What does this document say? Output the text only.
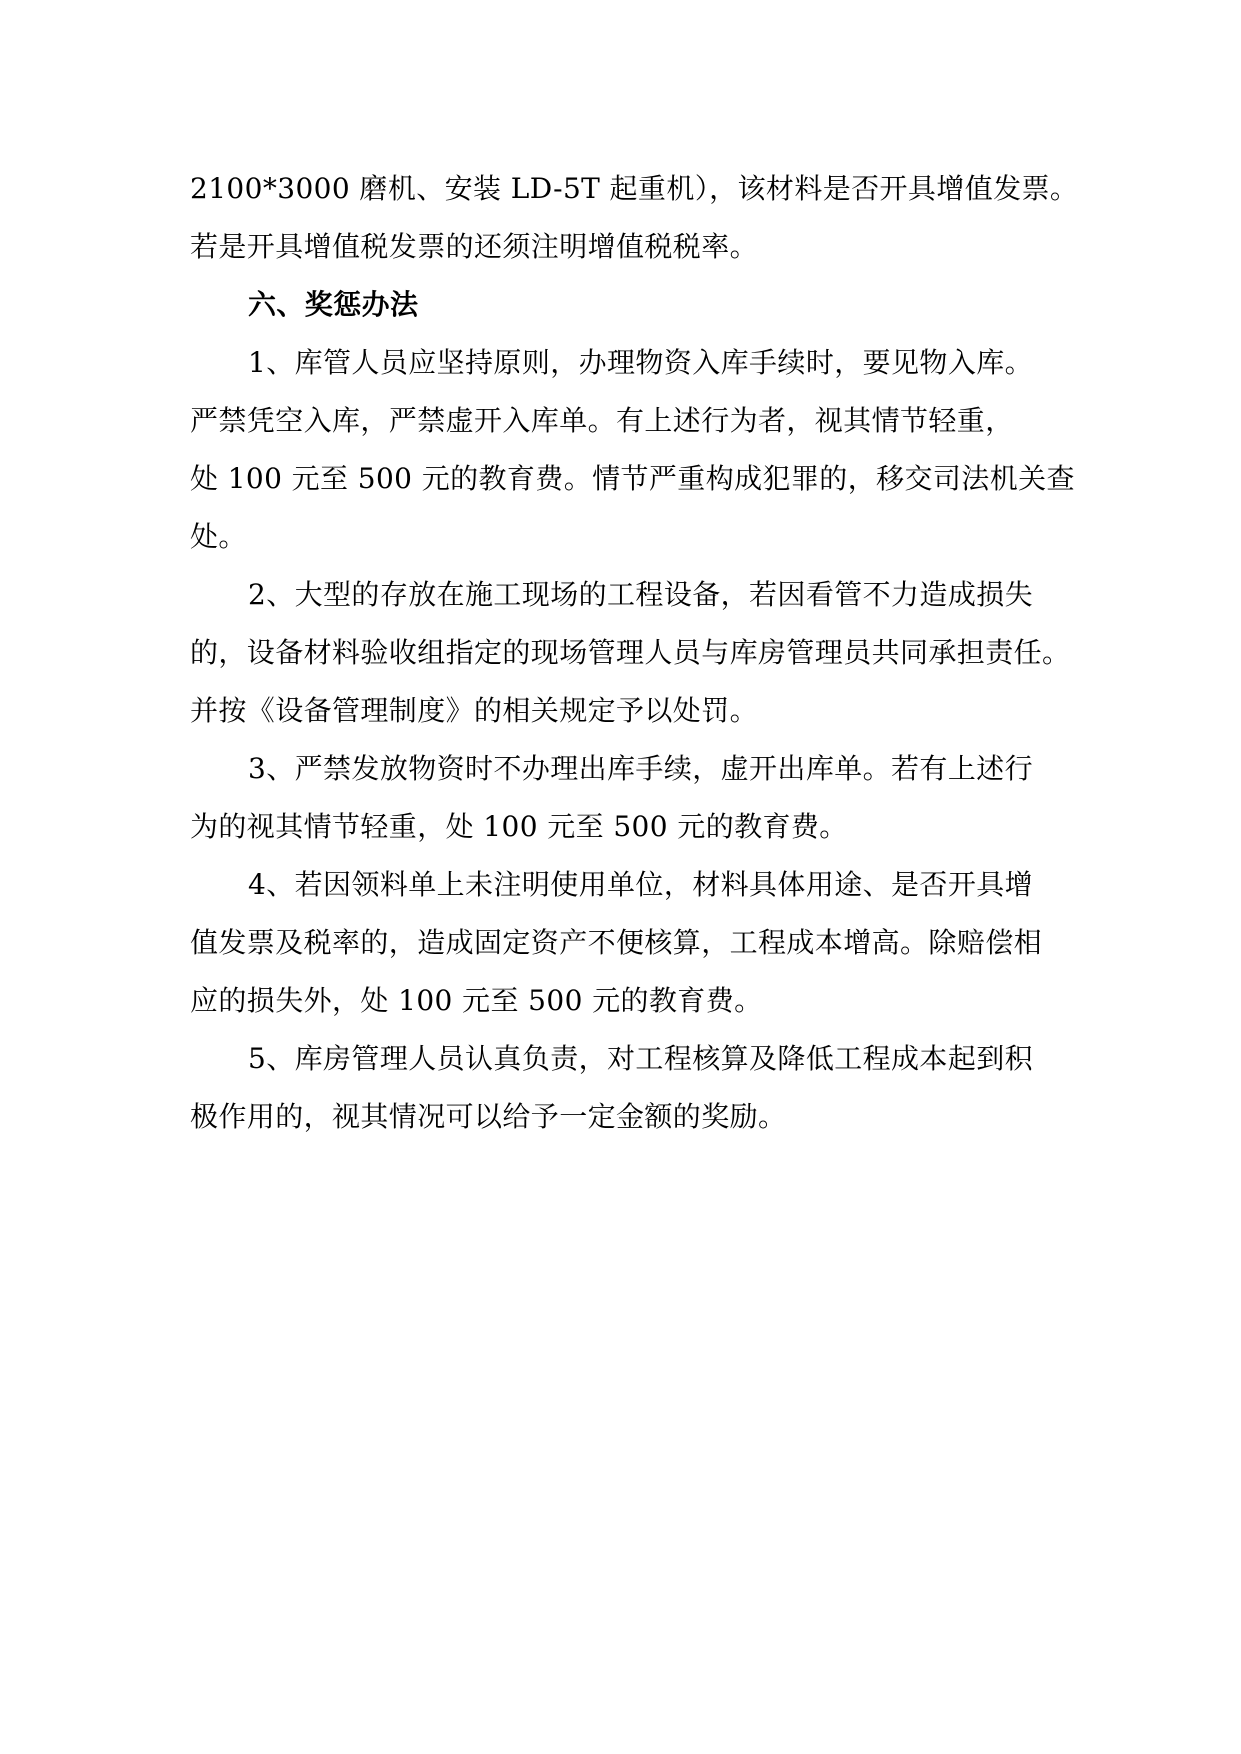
2100*3000 磨机、安装 LD-5T 起重机），该材料是否开具增值发票。
若是开具增值税发票的还须注明增值税税率。
六、奖惩办法
1、库管人员应坚持原则，办理物资入库手续时，要见物入库。
严禁凭空入库，严禁虚开入库单。有上述行为者，视其情节轻重，
处 100 元至 500 元的教育费。情节严重构成犯罪的，移交司法机关查
处。
2、大型的存放在施工现场的工程设备，若因看管不力造成损失
的，设备材料验收组指定的现场管理人员与库房管理员共同承担责任。
并按《设备管理制度》的相关规定予以处罚。
3、严禁发放物资时不办理出库手续，虚开出库单。若有上述行
为的视其情节轻重，处 100 元至 500 元的教育费。
4、若因领料单上未注明使用单位，材料具体用途、是否开具增
值发票及税率的，造成固定资产不便核算，工程成本增高。除赔偿相
应的损失外，处 100 元至 500 元的教育费。
5、库房管理人员认真负责，对工程核算及降低工程成本起到积
极作用的，视其情况可以给予一定金额的奖励。
